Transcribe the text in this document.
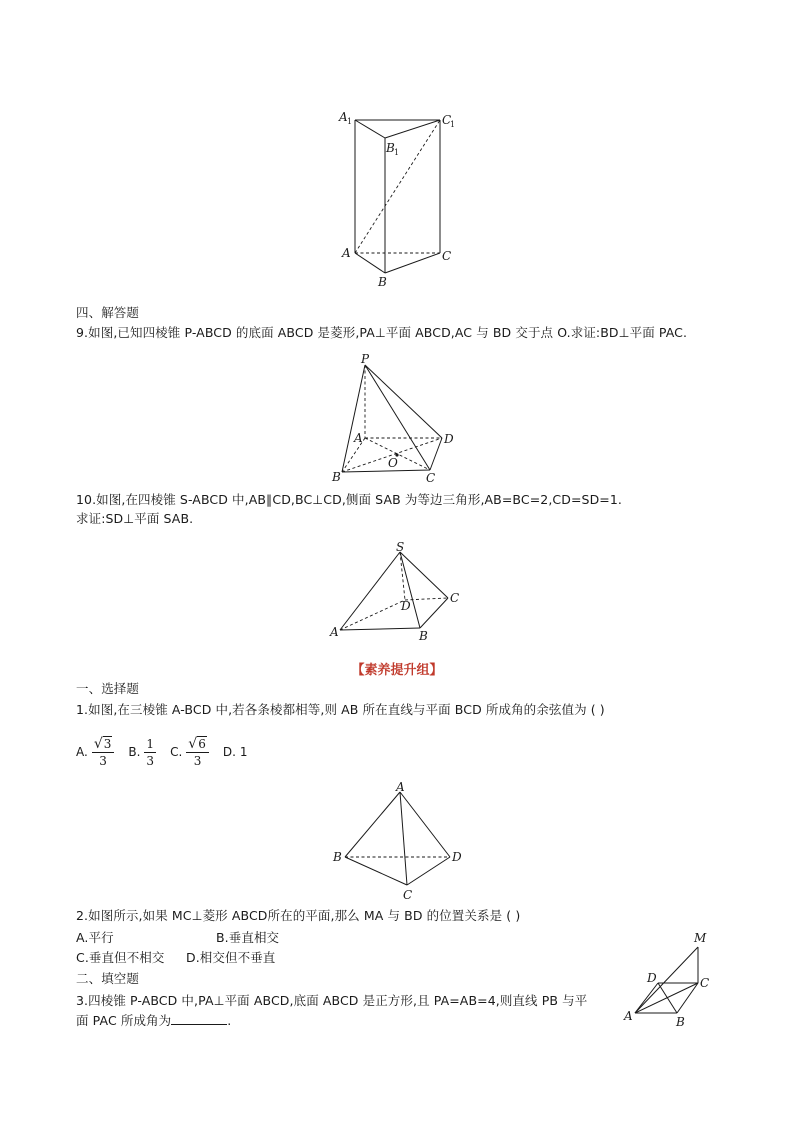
A 1	C
1
B 1
A	C
B
四、解答题
9.如图,已知四棱锥 P-ABCD 的底面 ABCD 是菱形,PA⊥平面 ABCD,AC 与 BD 交于点 O.求证:BD⊥平面 PAC.
P
A	D
O
B	C
10.如图,在四棱锥 S-ABCD 中,AB∥CD,BC⊥CD,侧面 SAB 为等边三角形,AB=BC=2,CD=SD=1.
求证:SD⊥平面 SAB.
S
D
C
A	B
【素养提升组】
一、选择题
1.如图,在三棱锥 A-BCD 中,若各条棱都相等,则 AB 所在直线与平面 BCD 所成角的余弦值为 ( )
A. $\frac{√ 3}{3} B$. $\frac{1}{3} C$. $\frac{√ 6}{3} D$. 1
A
B	D
C
2.如图所示,如果 MC⊥菱形 ABCD所在的平面,那么 MA 与 BD 的位置关系是 ( )
A.平行	B.垂直相交
C.垂直但不相交 D.相交但不垂直
M
D	C
A	B
二、填空题
3.四棱锥 P-ABCD 中,PA⊥平面 ABCD,底面 ABCD 是正方形,且 PA=AB=4,则直线 PB 与平
面 PAC 所成角为	.
